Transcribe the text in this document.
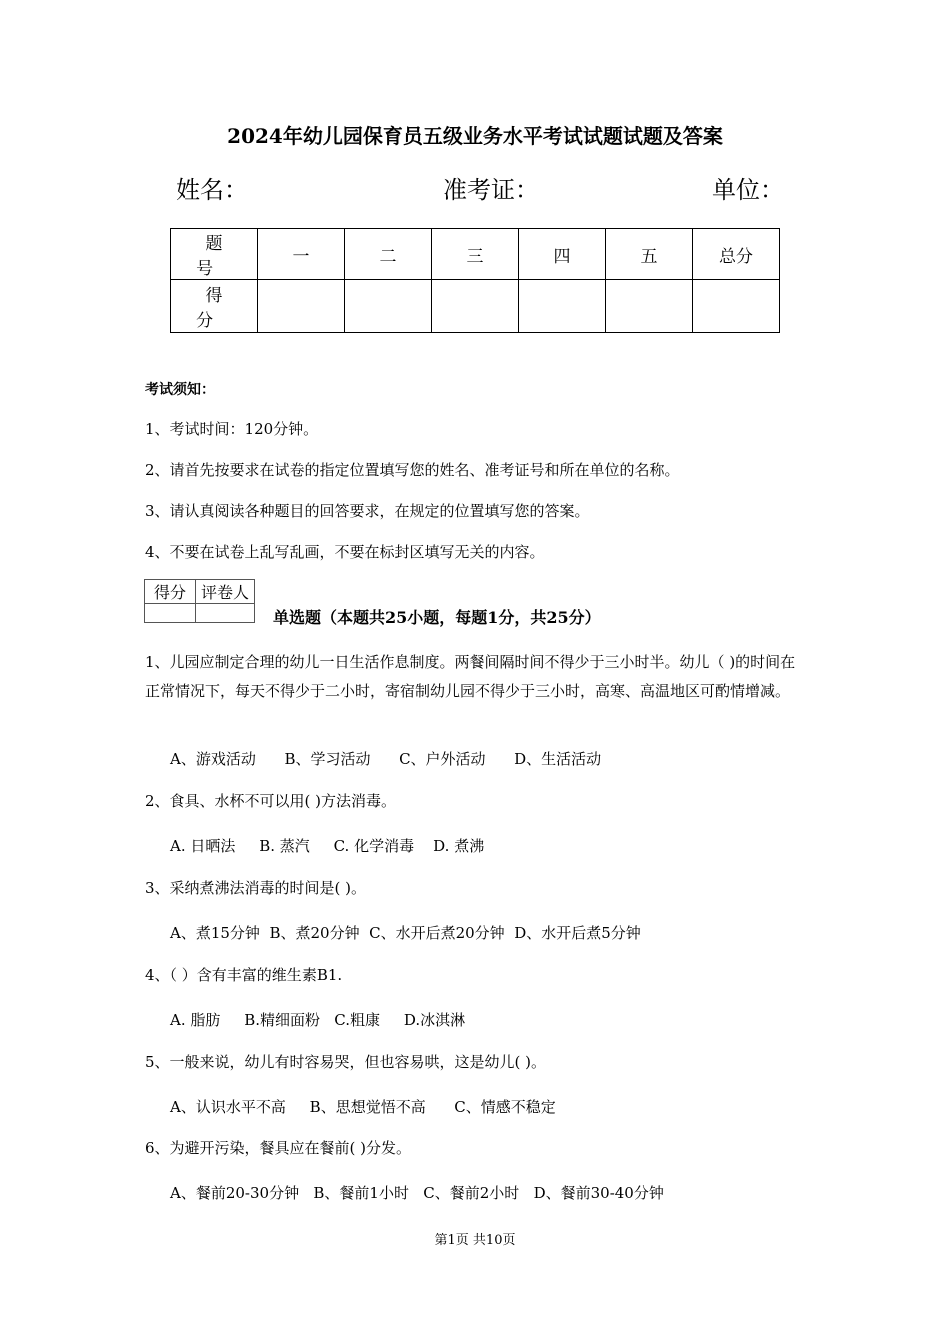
2024年幼儿园保育员五级业务水平考试试题试题及答案
姓名：	准考证：	单位：
题 号	一	二	三	四	五	总分
得 分						
考试须知：
1、考试时间：120分钟。
2、请首先按要求在试卷的指定位置填写您的姓名、准考证号和所在单位的名称。
3、请认真阅读各种题目的回答要求，在规定的位置填写您的答案。
4、不要在试卷上乱写乱画，不要在标封区填写无关的内容。
得分	评卷人

单选题（本题共25小题，每题1分，共25分）
1、儿园应制定合理的幼儿一日生活作息制度。两餐间隔时间不得少于三小时半。幼儿（ )的时间在正常情况下，每天不得少于二小时，寄宿制幼儿园不得少于三小时，高寒、高温地区可酌情增减。
A、游戏活动      B、学习活动      C、户外活动      D、生活活动
2、食具、水杯不可以用( )方法消毒。
A. 日晒法     B. 蒸汽     C. 化学消毒    D. 煮沸
3、采纳煮沸法消毒的时间是( )。
A、煮15分钟  B、煮20分钟  C、水开后煮20分钟  D、水开后煮5分钟
4、（ ）含有丰富的维生素B1.
A. 脂肪     B.精细面粉   C.粗康     D.冰淇淋
5、一般来说，幼儿有时容易哭，但也容易哄，这是幼儿( )。
A、认识水平不高     B、思想觉悟不高      C、情感不稳定
6、为避开污染，餐具应在餐前( )分发。
A、餐前20-30分钟   B、餐前1小时   C、餐前2小时   D、餐前30-40分钟
第1页 共10页
